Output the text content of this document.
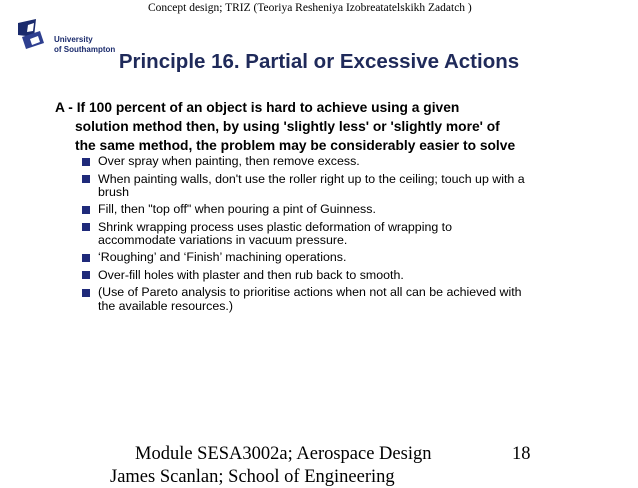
Concept design; TRIZ (Teoriya Resheniya Izobreatatelskikh Zadatch )
University
of Southampton
Principle 16. Partial or Excessive Actions
A - If 100 percent of an object is hard to achieve using a given
solution method then, by using 'slightly less' or 'slightly more' of
the same method, the problem may be considerably easier to solve
Over spray when painting, then remove excess.
When painting walls, don't use the roller right up to the ceiling; touch up with a brush
Fill, then "top off" when pouring a pint of Guinness.
Shrink wrapping process uses plastic deformation of wrapping to accommodate variations in vacuum pressure.
‘Roughing’ and ‘Finish’ machining operations.
Over-fill holes with plaster and then rub back to smooth.
(Use of Pareto analysis to prioritise actions when not all can be achieved with the available resources.)
Module SESA3002a; Aerospace Design	18
James Scanlan; School of Engineering
